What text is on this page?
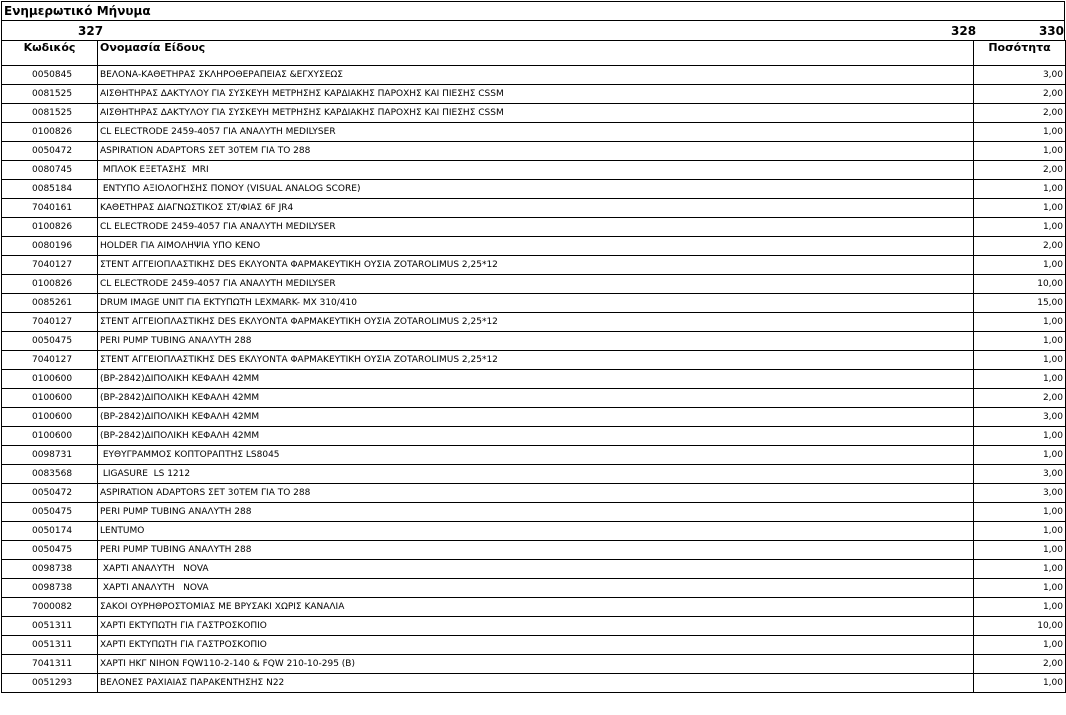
Ενημερωτικό Μήνυμα
327	328	330
Κωδικός	Ονομασία Είδους	Ποσότητα
0050845	ΒΕΛΟΝΑ-ΚΑΘΕΤΗΡΑΣ ΣΚΛΗΡΟΘΕΡΑΠΕΙΑΣ &ΕΓΧΥΣΕΩΣ	3,00
0081525	ΑΙΣΘΗΤΗΡΑΣ ΔΑΚΤΥΛΟΥ ΓΙΑ ΣΥΣΚΕΥΗ ΜΕΤΡΗΣΗΣ ΚΑΡΔΙΑΚΗΣ ΠΑΡΟΧΗΣ ΚΑΙ ΠΙΕΣΗΣ CSSM	2,00
0081525	ΑΙΣΘΗΤΗΡΑΣ ΔΑΚΤΥΛΟΥ ΓΙΑ ΣΥΣΚΕΥΗ ΜΕΤΡΗΣΗΣ ΚΑΡΔΙΑΚΗΣ ΠΑΡΟΧΗΣ ΚΑΙ ΠΙΕΣΗΣ CSSM	2,00
0100826	CL ELECTRODE 2459-4057 ΓΙΑ ΑΝΑΛΥΤΗ MEDILYSER	1,00
0050472	ASPIRATION ADAPTORS ΣΕΤ 30ΤΕΜ ΓΙΑ ΤΟ 288	1,00
0080745	ΜΠΛΟΚ ΕΞΕΤΑΣΗΣ  MRI	2,00
0085184	ΕΝΤΥΠΟ ΑΞΙΟΛΟΓΗΣΗΣ ΠΟΝΟΥ (VISUAL ANALOG SCORE)	1,00
7040161	ΚΑΘΕΤΗΡΑΣ ΔΙΑΓΝΩΣΤΙΚΟΣ ΣΤ/ΦΙΑΣ 6F JR4	1,00
0100826	CL ELECTRODE 2459-4057 ΓΙΑ ΑΝΑΛΥΤΗ MEDILYSER	1,00
0080196	HOLDER ΓΙΑ ΑΙΜΟΛΗΨΙΑ ΥΠΟ ΚΕΝΟ	2,00
7040127	ΣΤΕΝΤ ΑΓΓΕΙΟΠΛΑΣΤΙΚΗΣ DES ΕΚΛΥΟΝΤΑ ΦΑΡΜΑΚΕΥΤΙΚΗ ΟΥΣΙΑ ZOTAROLIMUS 2,25*12	1,00
0100826	CL ELECTRODE 2459-4057 ΓΙΑ ΑΝΑΛΥΤΗ MEDILYSER	10,00
0085261	DRUM IMAGE UNIT ΓΙΑ ΕΚΤΥΠΩΤΗ LEXMARK- MX 310/410	15,00
7040127	ΣΤΕΝΤ ΑΓΓΕΙΟΠΛΑΣΤΙΚΗΣ DES ΕΚΛΥΟΝΤΑ ΦΑΡΜΑΚΕΥΤΙΚΗ ΟΥΣΙΑ ZOTAROLIMUS 2,25*12	1,00
0050475	PERI PUMP TUBING ΑΝΑΛΥΤΗ 288	1,00
7040127	ΣΤΕΝΤ ΑΓΓΕΙΟΠΛΑΣΤΙΚΗΣ DES ΕΚΛΥΟΝΤΑ ΦΑΡΜΑΚΕΥΤΙΚΗ ΟΥΣΙΑ ZOTAROLIMUS 2,25*12	1,00
0100600	(BP-2842)ΔΙΠΟΛΙΚΗ ΚΕΦΑΛΗ 42MM	1,00
0100600	(BP-2842)ΔΙΠΟΛΙΚΗ ΚΕΦΑΛΗ 42MM	2,00
0100600	(BP-2842)ΔΙΠΟΛΙΚΗ ΚΕΦΑΛΗ 42MM	3,00
0100600	(BP-2842)ΔΙΠΟΛΙΚΗ ΚΕΦΑΛΗ 42MM	1,00
0098731	ΕΥΘΥΓΡΑΜΜΟΣ ΚΟΠΤΟΡΑΠΤΗΣ LS8045	1,00
0083568	LIGASURE  LS 1212	3,00
0050472	ASPIRATION ADAPTORS ΣΕΤ 30ΤΕΜ ΓΙΑ ΤΟ 288	3,00
0050475	PERI PUMP TUBING ΑΝΑΛΥΤΗ 288	1,00
0050174	LENTUMO	1,00
0050475	PERI PUMP TUBING ΑΝΑΛΥΤΗ 288	1,00
0098738	ΧΑΡΤΙ ΑΝΑΛΥΤΗ   NOVA	1,00
0098738	ΧΑΡΤΙ ΑΝΑΛΥΤΗ   NOVA	1,00
7000082	ΣΑΚΟΙ ΟΥΡΗΘΡΟΣΤΟΜΙΑΣ ΜΕ ΒΡΥΣΑΚΙ ΧΩΡΙΣ ΚΑΝΑΛΙΑ	1,00
0051311	ΧΑΡΤΙ ΕΚΤΥΠΩΤΗ ΓΙΑ ΓΑΣΤΡΟΣΚΟΠΙΟ	10,00
0051311	ΧΑΡΤΙ ΕΚΤΥΠΩΤΗ ΓΙΑ ΓΑΣΤΡΟΣΚΟΠΙΟ	1,00
7041311	ΧΑΡΤΙ ΗΚΓ NIHON FQW110-2-140 & FQW 210-10-295 (B)	2,00
0051293	ΒΕΛΟΝΕΣ ΡΑΧΙΑΙΑΣ ΠΑΡΑΚΕΝΤΗΣΗΣ N22	1,00
